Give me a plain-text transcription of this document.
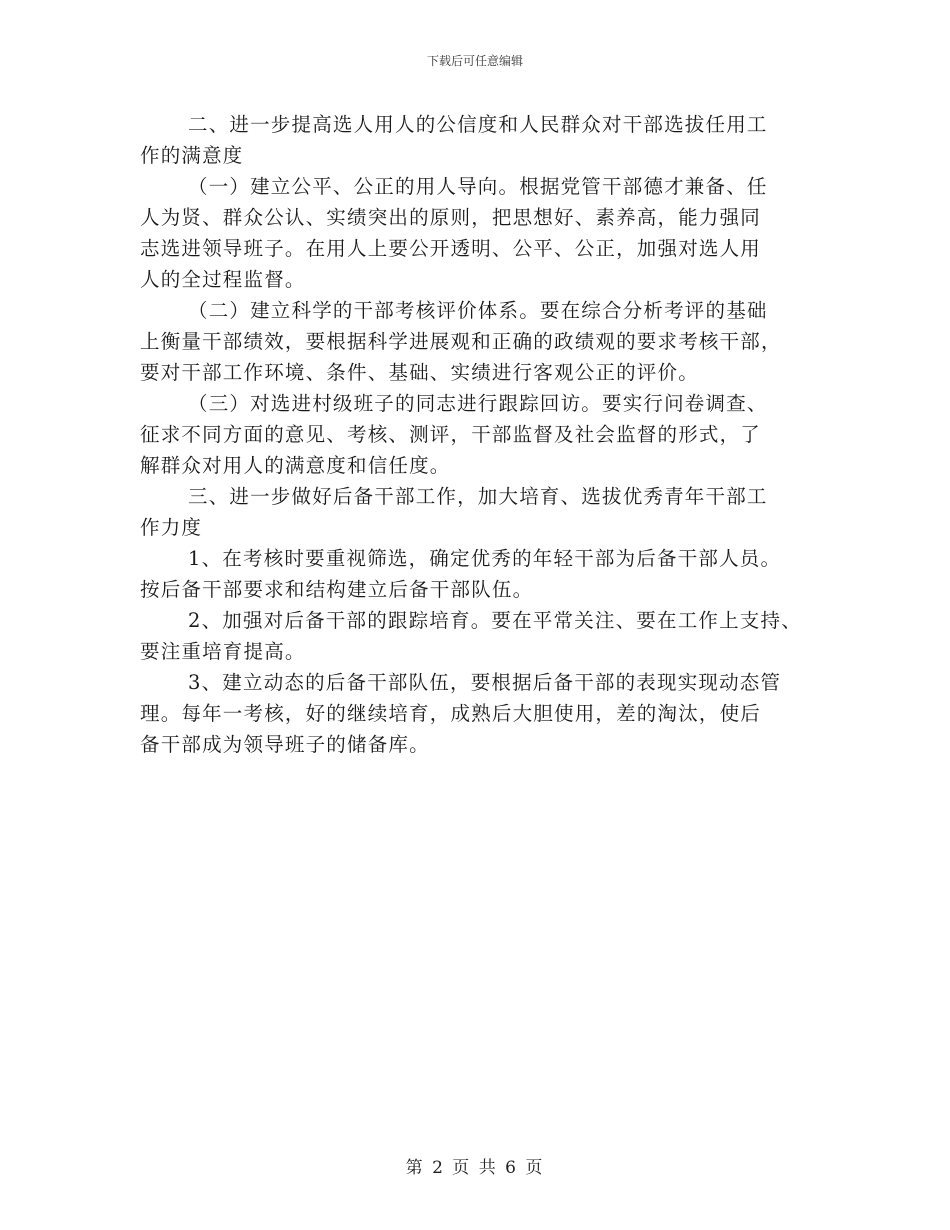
下载后可任意编辑
二、进一步提高选人用人的公信度和人民群众对干部选拔任用工
作的满意度
（一）建立公平、公正的用人导向。根据党管干部德才兼备、任
人为贤、群众公认、实绩突出的原则，把思想好、素养高，能力强同
志选进领导班子。在用人上要公开透明、公平、公正，加强对选人用
人的全过程监督。
（二）建立科学的干部考核评价体系。要在综合分析考评的基础
上衡量干部绩效，要根据科学进展观和正确的政绩观的要求考核干部，
要对干部工作环境、条件、基础、实绩进行客观公正的评价。
（三）对选进村级班子的同志进行跟踪回访。要实行问卷调查、
征求不同方面的意见、考核、测评，干部监督及社会监督的形式，了
解群众对用人的满意度和信任度。
三、进一步做好后备干部工作，加大培育、选拔优秀青年干部工
作力度
1、在考核时要重视筛选，确定优秀的年轻干部为后备干部人员。
按后备干部要求和结构建立后备干部队伍。
2、加强对后备干部的跟踪培育。要在平常关注、要在工作上支持、
要注重培育提高。
3、建立动态的后备干部队伍，要根据后备干部的表现实现动态管
理。每年一考核，好的继续培育，成熟后大胆使用，差的淘汰，使后
备干部成为领导班子的储备库。
第 2 页 共 6 页
